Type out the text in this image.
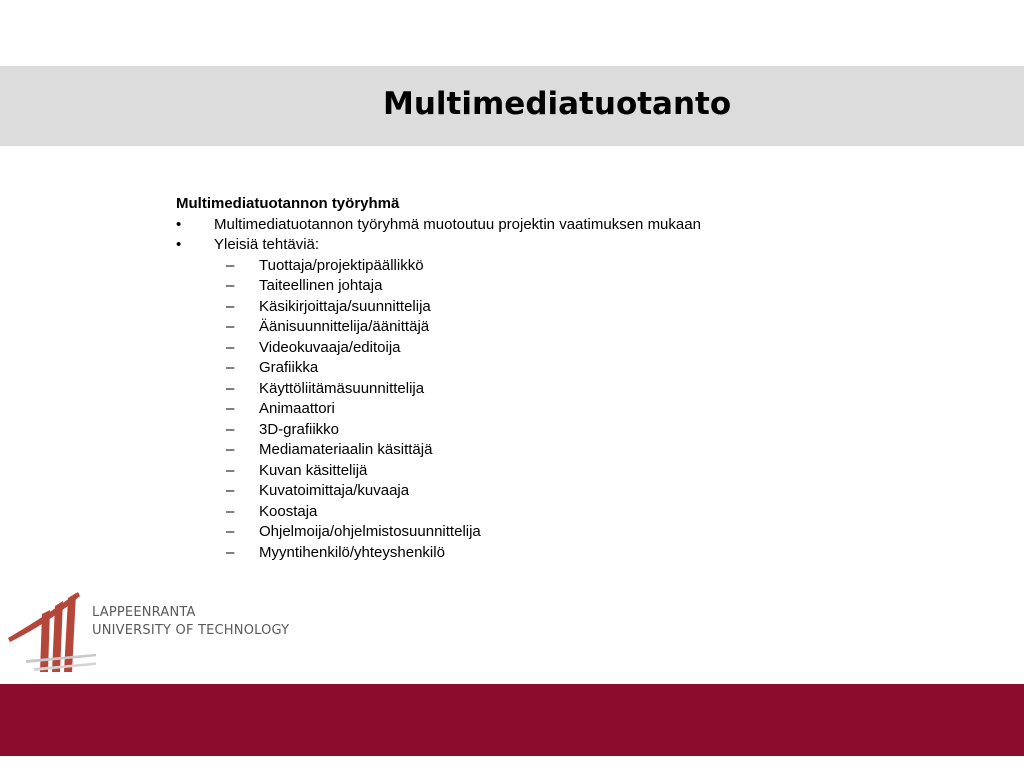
Multimediatuotanto

Multimediatuotannon työryhmä

• Multimediatuotannon työryhmä muotoutuu projektin vaatimuksen mukaan
• Yleisiä tehtäviä:
– Tuottaja/projektipäällikkö
– Taiteellinen johtaja
– Käsikirjoittaja/suunnittelija
– Äänisuunnittelija/äänittäjä
– Videokuvaaja/editoija
– Grafiikka
– Käyttöliitämäsuunnittelija
– Animaattori
– 3D-grafiikko
– Mediamateriaalin käsittäjä
– Kuvan käsittelijä
– Kuvatoimittaja/kuvaaja
– Koostaja
– Ohjelmoija/ohjelmistosuunnittelija
– Myyntihenkilö/yhteyshenkilö
LAPPEENRANTA
UNIVERSITY OF TECHNOLOGY
